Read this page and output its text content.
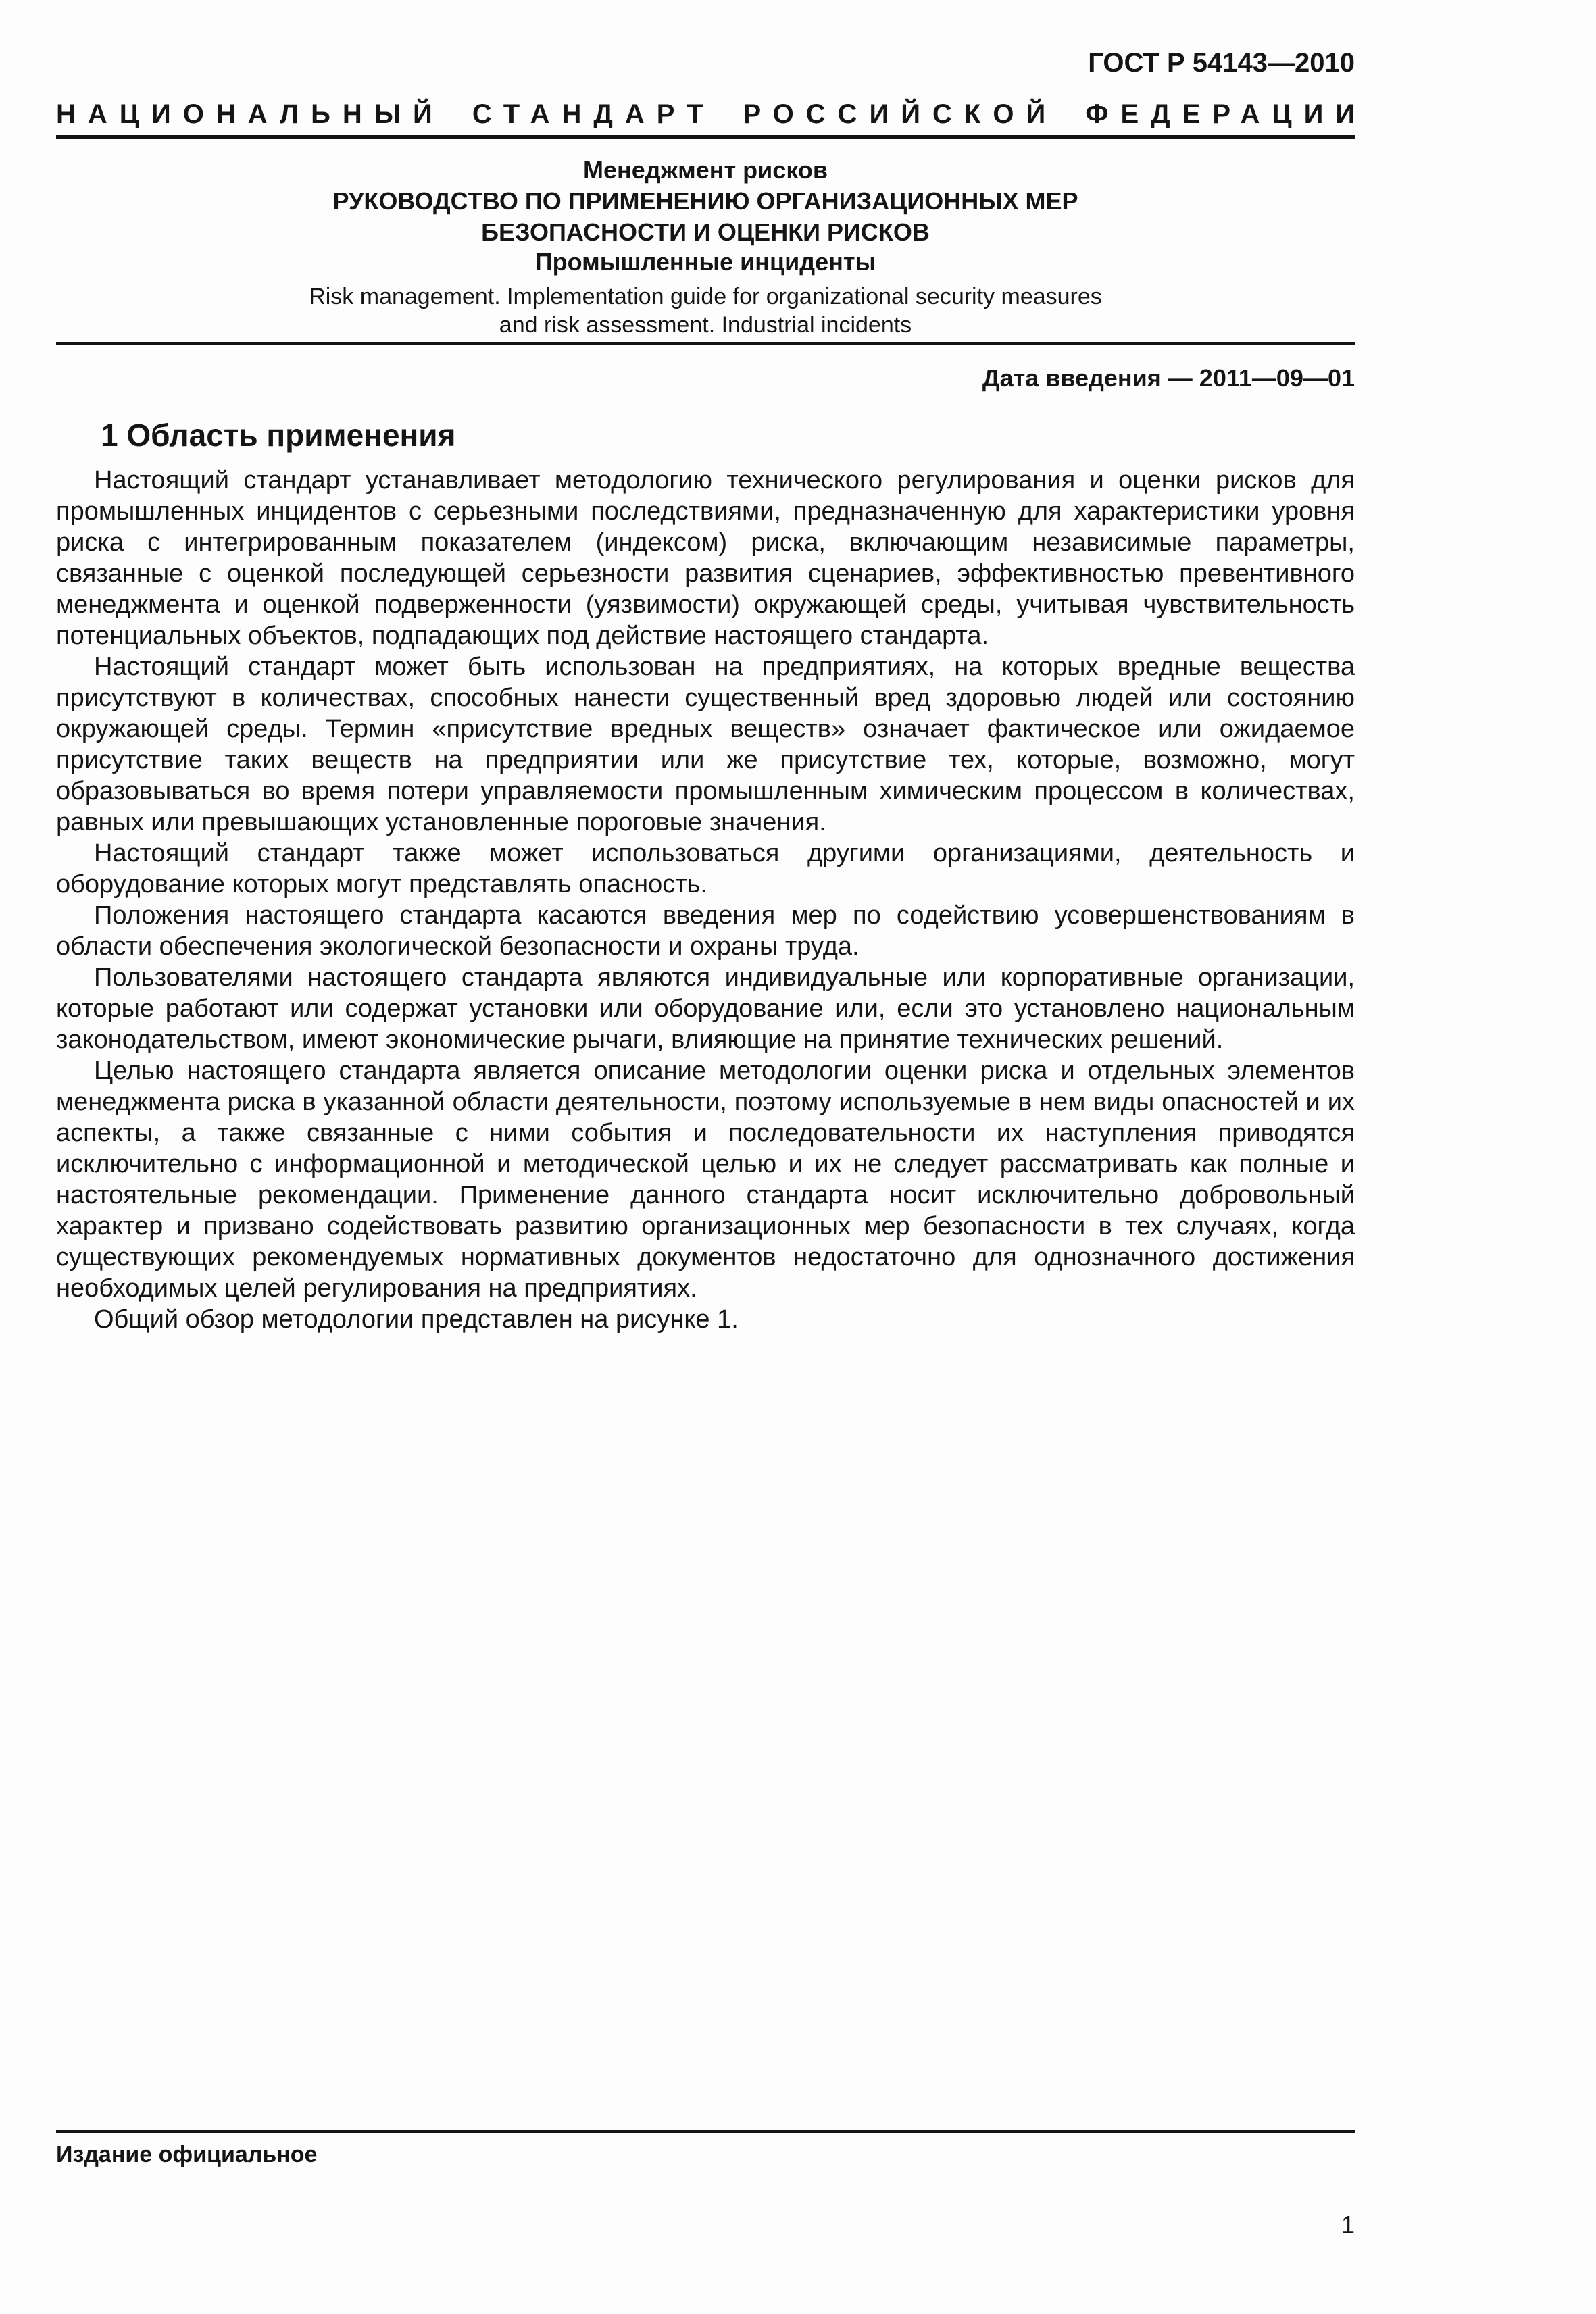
ГОСТ Р 54143—2010
НАЦИОНАЛЬНЫЙ СТАНДАРТ РОССИЙСКОЙ ФЕДЕРАЦИИ
Менеджмент рисков
РУКОВОДСТВО ПО ПРИМЕНЕНИЮ ОРГАНИЗАЦИОННЫХ МЕР
БЕЗОПАСНОСТИ И ОЦЕНКИ РИСКОВ
Промышленные инциденты
Risk management. Implementation guide for organizational security measures and risk assessment. Industrial incidents
Дата введения — 2011—09—01
1 Область применения

Настоящий стандарт устанавливает методологию технического регулирования и оценки рисков для промышленных инцидентов с серьезными последствиями, предназначенную для характеристики уровня риска с интегрированным показателем (индексом) риска, включающим независимые параметры, связанные с оценкой последующей серьезности развития сценариев, эффективностью превентивного менеджмента и оценкой подверженности (уязвимости) окружающей среды, учитывая чувствительность потенциальных объектов, подпадающих под действие настоящего стандарта.

Настоящий стандарт может быть использован на предприятиях, на которых вредные вещества присутствуют в количествах, способных нанести существенный вред здоровью людей или состоянию окружающей среды. Термин «присутствие вредных веществ» означает фактическое или ожидаемое присутствие таких веществ на предприятии или же присутствие тех, которые, возможно, могут образовываться во время потери управляемости промышленным химическим процессом в количествах, равных или превышающих установленные пороговые значения.

Настоящий стандарт также может использоваться другими организациями, деятельность и оборудование которых могут представлять опасность.

Положения настоящего стандарта касаются введения мер по содействию усовершенствованиям в области обеспечения экологической безопасности и охраны труда.

Пользователями настоящего стандарта являются индивидуальные или корпоративные организации, которые работают или содержат установки или оборудование или, если это установлено национальным законодательством, имеют экономические рычаги, влияющие на принятие технических решений.

Целью настоящего стандарта является описание методологии оценки риска и отдельных элементов менеджмента риска в указанной области деятельности, поэтому используемые в нем виды опасностей и их аспекты, а также связанные с ними события и последовательности их наступления приводятся исключительно с информационной и методической целью и их не следует рассматривать как полные и настоятельные рекомендации. Применение данного стандарта носит исключительно добровольный характер и призвано содействовать развитию организационных мер безопасности в тех случаях, когда существующих рекомендуемых нормативных документов недостаточно для однозначного достижения необходимых целей регулирования на предприятиях.

Общий обзор методологии представлен на рисунке 1.

Издание официальное
1
